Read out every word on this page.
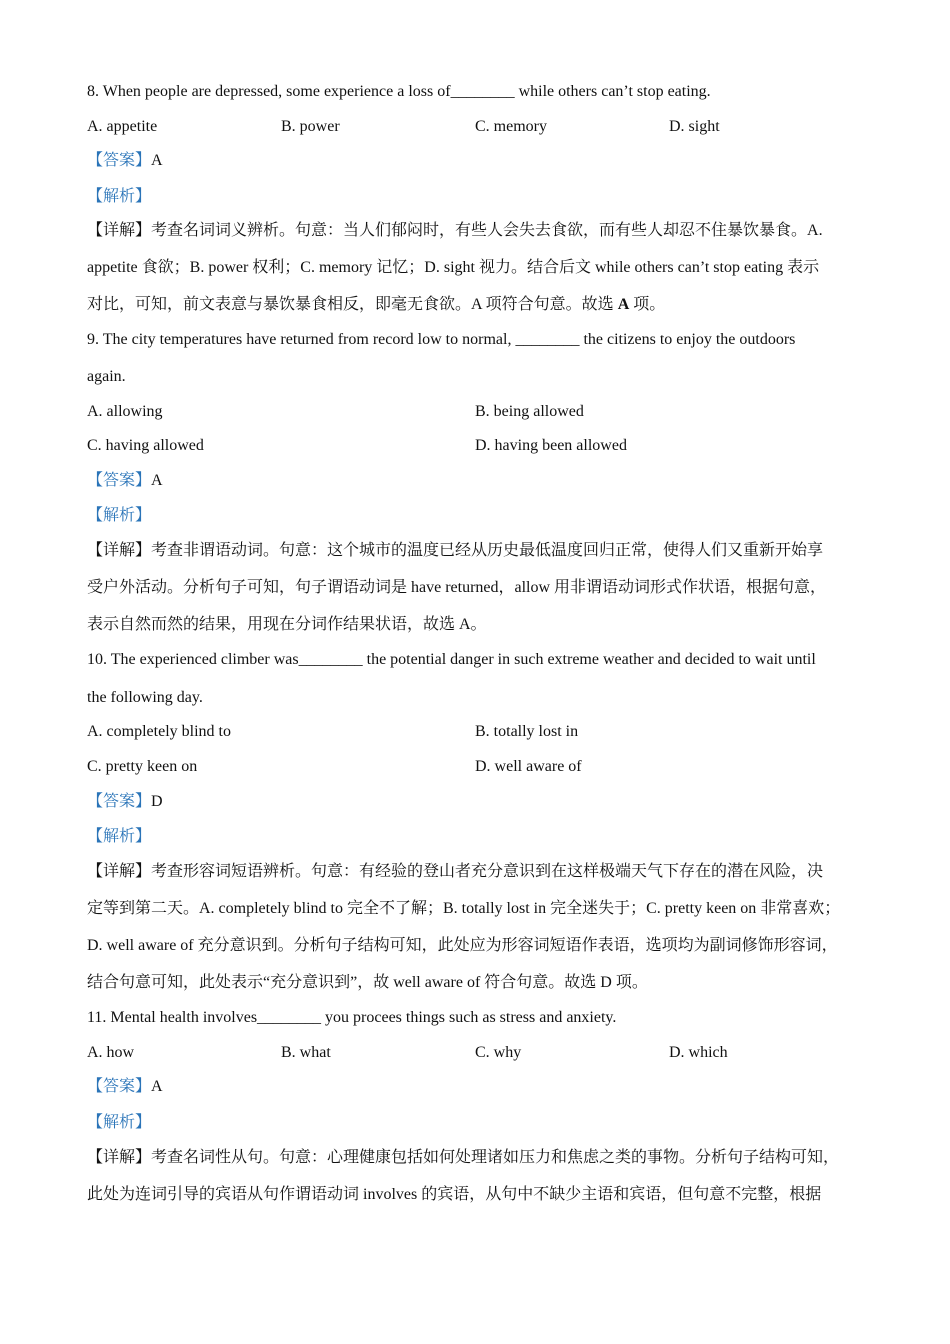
8. When people are depressed, some experience a loss of________ while others can’t stop eating.
A. appetite	B. power	C. memory	D. sight
【答案】A
【解析】
【详解】考查名词词义辨析。句意：当人们郁闷时，有些人会失去食欲，而有些人却忍不住暴饮暴食。A.
appetite 食欲；B. power 权利；C. memory 记忆；D. sight 视力。结合后文 while others can’t stop eating 表示
对比，可知，前文表意与暴饮暴食相反，即毫无食欲。A 项符合句意。故选 A 项。
9. The city temperatures have returned from record low to normal, ________ the citizens to enjoy the outdoors
again.
A. allowing	B. being allowed
C. having allowed	D. having been allowed
【答案】A
【解析】
【详解】考查非谓语动词。句意：这个城市的温度已经从历史最低温度回归正常，使得人们又重新开始享
受户外活动。分析句子可知，句子谓语动词是 have returned，allow 用非谓语动词形式作状语，根据句意，
表示自然而然的结果，用现在分词作结果状语，故选 A。
10. The experienced climber was________ the potential danger in such extreme weather and decided to wait until
the following day.
A. completely blind to	B. totally lost in
C. pretty keen on	D. well aware of
【答案】D
【解析】
【详解】考查形容词短语辨析。句意：有经验的登山者充分意识到在这样极端天气下存在的潜在风险，决
定等到第二天。A. completely blind to 完全不了解；B. totally lost in 完全迷失于；C. pretty keen on 非常喜欢；
D. well aware of 充分意识到。分析句子结构可知，此处应为形容词短语作表语，选项均为副词修饰形容词，
结合句意可知，此处表示“充分意识到”，故 well aware of 符合句意。故选 D 项。
11. Mental health involves________ you procees things such as stress and anxiety.
A. how	B. what	C. why	D. which
【答案】A
【解析】
【详解】考查名词性从句。句意：心理健康包括如何处理诸如压力和焦虑之类的事物。分析句子结构可知，
此处为连词引导的宾语从句作谓语动词 involves 的宾语，从句中不缺少主语和宾语，但句意不完整，根据
